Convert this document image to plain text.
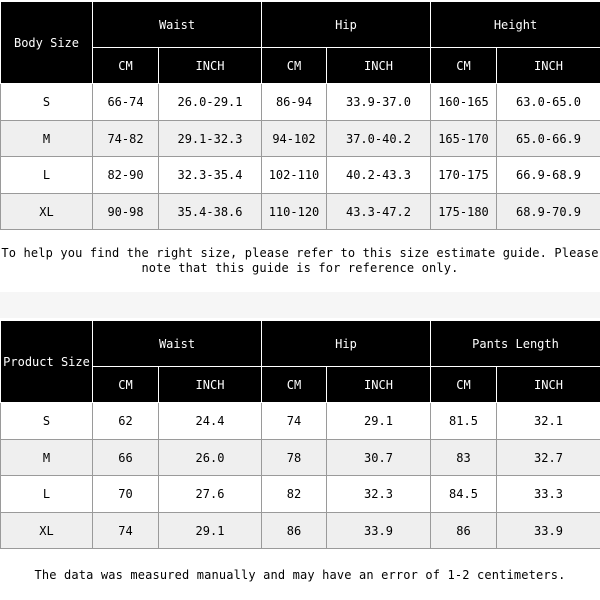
Body Size	Waist		Hip		Height	
	CM	INCH	CM	INCH	CM	INCH
S	66-74	26.0-29.1	86-94	33.9-37.0	160-165	63.0-65.0
M	74-82	29.1-32.3	94-102	37.0-40.2	165-170	65.0-66.9
L	82-90	32.3-35.4	102-110	40.2-43.3	170-175	66.9-68.9
XL	90-98	35.4-38.6	110-120	43.3-47.2	175-180	68.9-70.9
To help you find the right size, please refer to this size estimate guide. Please
note that this guide is for reference only.
Product Size	Waist		Hip		Pants Length	
	CM	INCH	CM	INCH	CM	INCH
S	62	24.4	74	29.1	81.5	32.1
M	66	26.0	78	30.7	83	32.7
L	70	27.6	82	32.3	84.5	33.3
XL	74	29.1	86	33.9	86	33.9
The data was measured manually and may have an error of 1-2 centimeters.
